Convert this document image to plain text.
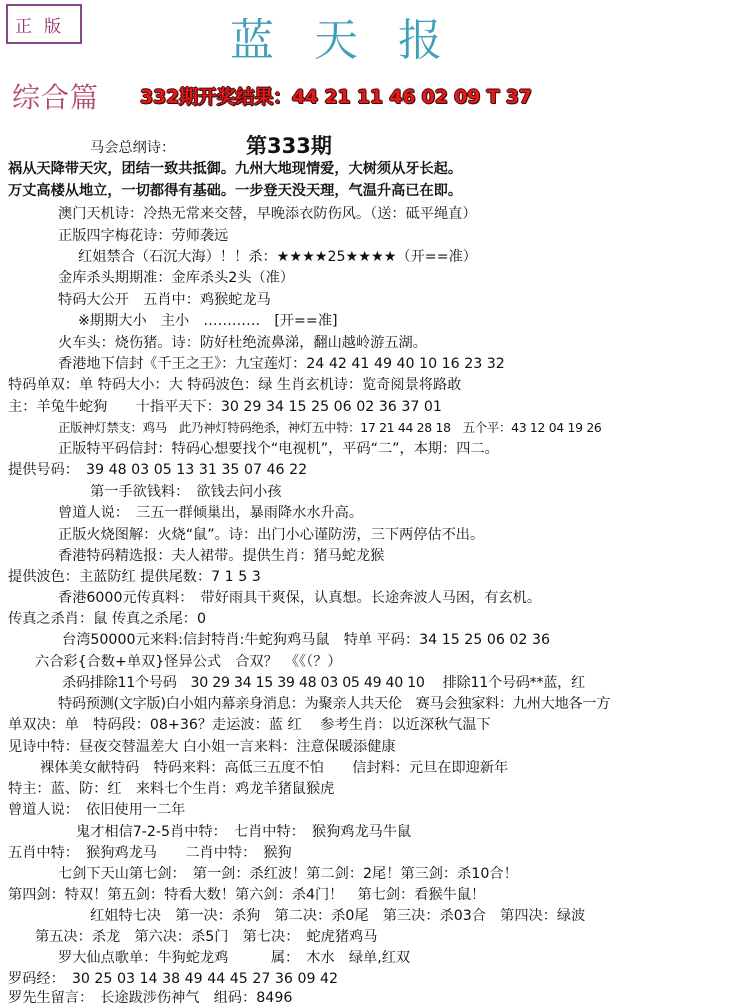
正版	蓝天报
综合篇 332期开奖结果：44 21 11 46 02 09 T 37
第333期
马会总纲诗：
祸从天降带天灾，团结一致共抵御。九州大地现情爱，大树须从牙长起。
万丈高楼从地立，一切都得有基础。一步登天没天理，气温升高已在即。
澳门天机诗：冷热无常来交替，早晚添衣防伤风。（送：砥平绳直）
正版四字梅花诗：劳师袭远
红姐禁合（石沉大海）！！杀：★★★★25★★★★（开==准）
金库杀头期期准：金库杀头2头（准）
特码大公开　五肖中：鸡猴蛇龙马
※期期大小　主小　…………　[开==准]
火车头：烧伤猪。诗：防好杜绝流鼻涕，翻山越岭游五湖。
香港地下信封《千王之王》：九宝莲灯：24 42 41 49 40 10 16 23 32
特码单双：单 特码大小：大 特码波色：绿 生肖玄机诗：览奇阅景将路敢
主：羊兔牛蛇狗　　十指平天下：30 29 34 15 25 06 02 36 37 01
正版神灯禁支：鸡马　此乃神灯特码绝杀，神灯五中特：17 21 44 28 18　五个平：43 12 04 19 26
正版特平码信封：特码心想要找个“电视机”，平码“二”，本期：四二。
提供号码：　39 48 03 05 13 31 35 07 46 22
第一手欲钱料：　欲钱去问小孩
曾道人说：　三五一群倾巢出，暴雨降水水升高。
正版火烧图解：火烧“鼠”。诗：出门小心谨防涝，三下两停估不出。
香港特码精选报：夫人裙带。提供生肖：猪马蛇龙猴
提供波色：主蓝防红 提供尾数：7 1 5 3
香港6000元传真料：　带好雨具干爽保，认真想。长途奔波人马困，有玄机。
传真之杀肖：鼠 传真之杀尾：0
台湾50000元来料:信封特肖:牛蛇狗鸡马鼠　特单 平码：34 15 25 06 02 36
六合彩{合数+单双}怪异公式　合双？　《《（？）
杀码排除11个号码　30 29 34 15 39 48 03 05 49 40 10　 排除11个号码**蓝，红
特码预测(文字版)白小姐内幕亲身消息：为聚亲人共天伦　赛马会独家料：九州大地各一方
单双决：单　特码段：08+36？走运波：蓝 红　 参考生肖：以近深秋气温下
见诗中特：昼夜交替温差大 白小姐一言来料：注意保暖添健康
裸体美女献特码　特码来料：高低三五度不怕　　信封料：元旦在即迎新年
特主：蓝、防：红　来料七个生肖：鸡龙羊猪鼠猴虎
曾道人说：　依旧使用一二年
鬼才相信7-2-5肖中特：　七肖中特：　猴狗鸡龙马牛鼠
五肖中特：　猴狗鸡龙马　　二肖中特：　猴狗
七剑下天山第七剑：　第一剑：杀红波！第二剑：2尾！第三剑：杀10合！
第四剑：特双！第五剑：特看大数！第六剑：杀4门！　第七剑：看猴牛鼠！
红姐特七决　第一决：杀狗　第二决：杀0尾　第三决：杀03合　第四决：绿波
第五决：杀龙　第六决：杀5门　第七决：　蛇虎猪鸡马
罗大仙点歌单：牛狗蛇龙鸡　　　属：　木水　绿单,红双
罗码经：　30 25 03 14 38 49 44 45 27 36 09 42
罗先生留言：　长途跋涉伤神气　组码：8496
